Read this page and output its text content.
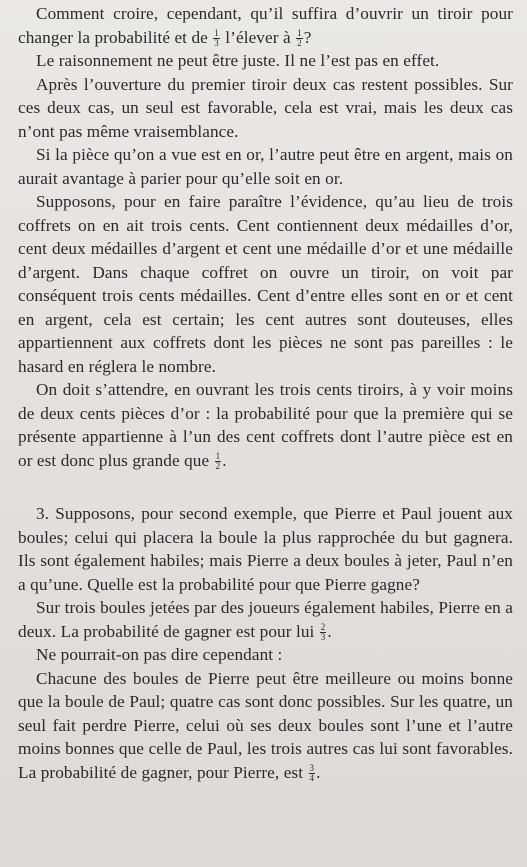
Comment croire, cependant, qu’il suffira d’ouvrir un tiroir pour changer la probabilité et de $\frac{1}{3}$ l’élever à $\frac{1}{2}$ ?

Le raisonnement ne peut être juste. Il ne l’est pas en effet.

Après l’ouverture du premier tiroir deux cas restent possibles. Sur ces deux cas, un seul est favorable, cela est vrai, mais les deux cas n’ont pas même vraisemblance.

Si la pièce qu’on a vue est en or, l’autre peut être en argent, mais on aurait avantage à parier pour qu’elle soit en or.

Supposons, pour en faire paraître l’évidence, qu’au lieu de trois coffrets on en ait trois cents. Cent contiennent deux médailles d’or, cent deux médailles d’argent et cent une médaille d’or et une médaille d’argent. Dans chaque coffret on ouvre un tiroir, on voit par conséquent trois cents médailles. Cent d’entre elles sont en or et cent en argent, cela est certain; les cent autres sont douteuses, elles appartiennent aux coffrets dont les pièces ne sont pas pareilles : le hasard en réglera le nombre.

On doit s’attendre, en ouvrant les trois cents tiroirs, à y voir moins de deux cents pièces d’or : la probabilité pour que la première qui se présente appartienne à l’un des cent coffrets dont l’autre pièce est en or est donc plus grande que $\frac{1}{2}$ .

3. Supposons, pour second exemple, que Pierre et Paul jouent aux boules; celui qui placera la boule la plus rapprochée du but gagnera. Ils sont également habiles; mais Pierre a deux boules à jeter, Paul n’en a qu’une. Quelle est la probabilité pour que Pierre gagne?

Sur trois boules jetées par des joueurs également habiles, Pierre en a deux. La probabilité de gagner est pour lui $\frac{2}{3}$ .

Ne pourrait-on pas dire cependant :

Chacune des boules de Pierre peut être meilleure ou moins bonne que la boule de Paul; quatre cas sont donc possibles. Sur les quatre, un seul fait perdre Pierre, celui où ses deux boules sont l’une et l’autre moins bonnes que celle de Paul, les trois autres cas lui sont favorables. La probabilité de gagner, pour Pierre, est $\frac{3}{4}$ .
